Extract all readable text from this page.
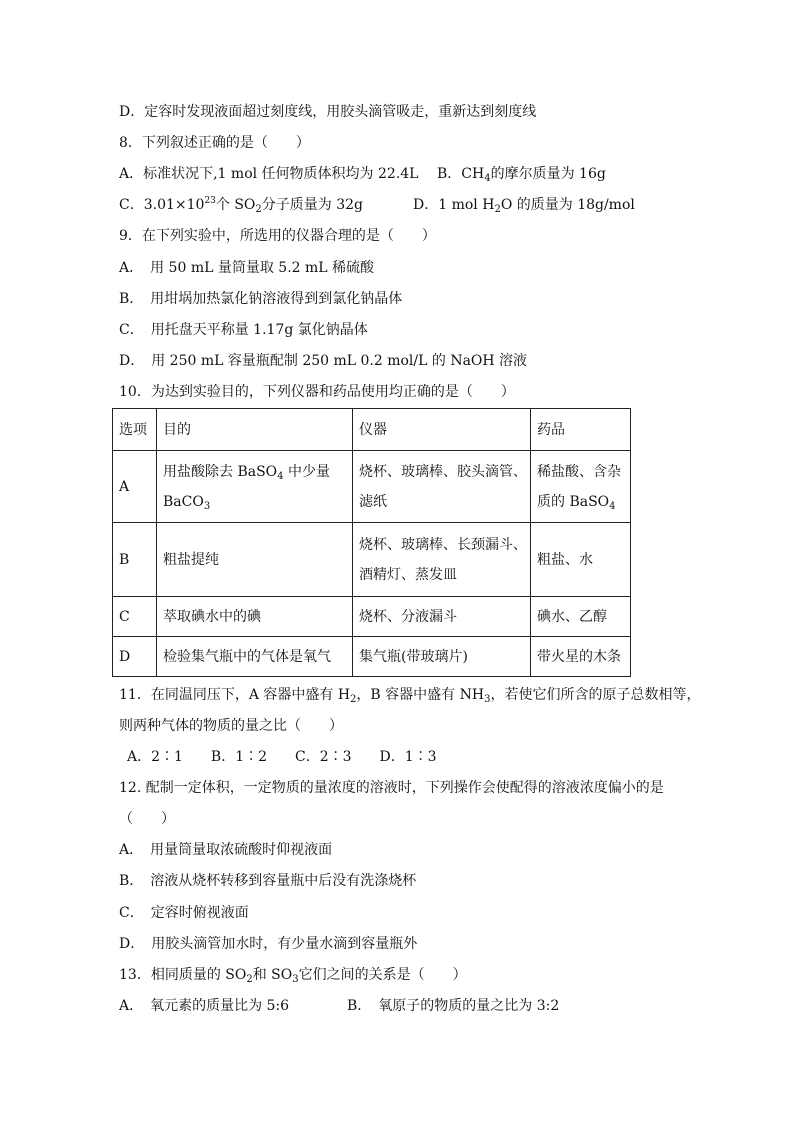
D．定容时发现液面超过刻度线，用胶头滴管吸走，重新达到刻度线
8．下列叙述正确的是（　　）
A．标准状况下,1 mol 任何物质体积均为 22.4L B．$CH_4$的摩尔质量为 16g
C．$3.01\times 10^{23}$个 $SO_2$分子质量为 32g	D．1 mol $H_2O$ 的质量为 18g/mol
9．在下列实验中，所选用的仪器合理的是（　　）
A．　用 50 mL 量筒量取 5.2 mL 稀硫酸
B．　用坩埚加热氯化钠溶液得到到氯化钠晶体
C．　用托盘天平称量 1.17g 氯化钠晶体
D．　用 250 mL 容量瓶配制 250 mL 0.2 mol/L 的 NaOH 溶液
10．为达到实验目的，下列仪器和药品使用均正确的是（　　）
选项	目的	仪器	药品
A	用盐酸除去 BaSO$_4$ 中少量 BaCO$_3$	烧杯、玻璃棒、胶头滴管、滤纸	稀盐酸、含杂质的 BaSO$_4$
B	粗盐提纯	烧杯、玻璃棒、长颈漏斗、酒精灯、蒸发皿	粗盐、水
C	萃取碘水中的碘	烧杯、分液漏斗	碘水、乙醇
D	检验集气瓶中的气体是氧气	集气瓶(带玻璃片)	带火星的木条
11．在同温同压下，A 容器中盛有 $H_2$，B 容器中盛有 $NH_3$，若使它们所含的原子总数相等，
则两种气体的物质的量之比（　　）
A．2∶1　　B．1∶2　　C．2∶3　　D．1∶3
12. 配制一定体积，一定物质的量浓度的溶液时，下列操作会使配得的溶液浓度偏小的是
（　　）
A．　用量筒量取浓硫酸时仰视液面
B．　溶液从烧杯转移到容量瓶中后没有洗涤烧杯
C．　定容时俯视液面
D．　用胶头滴管加水时，有少量水滴到容量瓶外
13．相同质量的 $SO_2$和 $SO_3$它们之间的关系是（　　）
A．　氧元素的质量比为 5:6	B．　氧原子的物质的量之比为 3:2
